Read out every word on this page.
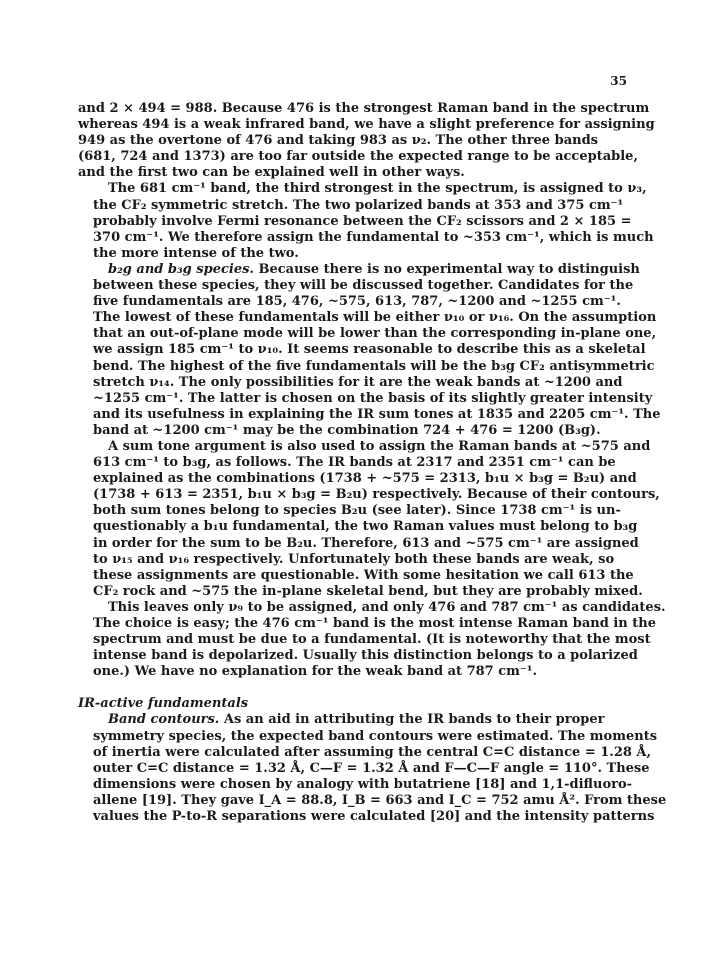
35

and 2 × 494 = 988. Because 476 is the strongest Raman band in the spectrum
whereas 494 is a weak infrared band, we have a slight preference for assigning
949 as the overtone of 476 and taking 983 as ν₂. The other three bands
(681, 724 and 1373) are too far outside the expected range to be acceptable,
and the first two can be explained well in other ways.

The 681 cm⁻¹ band, the third strongest in the spectrum, is assigned to ν₃,
the CF₂ symmetric stretch. The two polarized bands at 353 and 375 cm⁻¹
probably involve Fermi resonance between the CF₂ scissors and 2 × 185 =
370 cm⁻¹. We therefore assign the fundamental to ~353 cm⁻¹, which is much
the more intense of the two.

b₂g and b₃g species. Because there is no experimental way to distinguish
between these species, they will be discussed together. Candidates for the
five fundamentals are 185, 476, ~575, 613, 787, ~1200 and ~1255 cm⁻¹.
The lowest of these fundamentals will be either ν₁₀ or ν₁₆. On the assumption
that an out-of-plane mode will be lower than the corresponding in-plane one,
we assign 185 cm⁻¹ to ν₁₀. It seems reasonable to describe this as a skeletal
bend. The highest of the five fundamentals will be the b₃g CF₂ antisymmetric
stretch ν₁₄. The only possibilities for it are the weak bands at ~1200 and
~1255 cm⁻¹. The latter is chosen on the basis of its slightly greater intensity
and its usefulness in explaining the IR sum tones at 1835 and 2205 cm⁻¹. The
band at ~1200 cm⁻¹ may be the combination 724 + 476 = 1200 (B₃g).

A sum tone argument is also used to assign the Raman bands at ~575 and
613 cm⁻¹ to b₃g, as follows. The IR bands at 2317 and 2351 cm⁻¹ can be
explained as the combinations (1738 + ~575 = 2313, b₁u × b₃g = B₂u) and
(1738 + 613 = 2351, b₁u × b₃g = B₂u) respectively. Because of their contours,
both sum tones belong to species B₂u (see later). Since 1738 cm⁻¹ is un-
questionably a b₁u fundamental, the two Raman values must belong to b₃g
in order for the sum to be B₂u. Therefore, 613 and ~575 cm⁻¹ are assigned
to ν₁₅ and ν₁₆ respectively. Unfortunately both these bands are weak, so
these assignments are questionable. With some hesitation we call 613 the
CF₂ rock and ~575 the in-plane skeletal bend, but they are probably mixed.

This leaves only ν₉ to be assigned, and only 476 and 787 cm⁻¹ as candidates.
The choice is easy; the 476 cm⁻¹ band is the most intense Raman band in the
spectrum and must be due to a fundamental. (It is noteworthy that the most
intense band is depolarized. Usually this distinction belongs to a polarized
one.) We have no explanation for the weak band at 787 cm⁻¹.

IR-active fundamentals

Band contours. As an aid in attributing the IR bands to their proper
symmetry species, the expected band contours were estimated. The moments
of inertia were calculated after assuming the central C=C distance = 1.28 Å,
outer C=C distance = 1.32 Å, C—F = 1.32 Å and F—C—F angle = 110°. These
dimensions were chosen by analogy with butatriene [18] and 1,1-difluoro-
allene [19]. They gave I_A = 88.8, I_B = 663 and I_C = 752 amu Å². From these
values the P-to-R separations were calculated [20] and the intensity patterns
